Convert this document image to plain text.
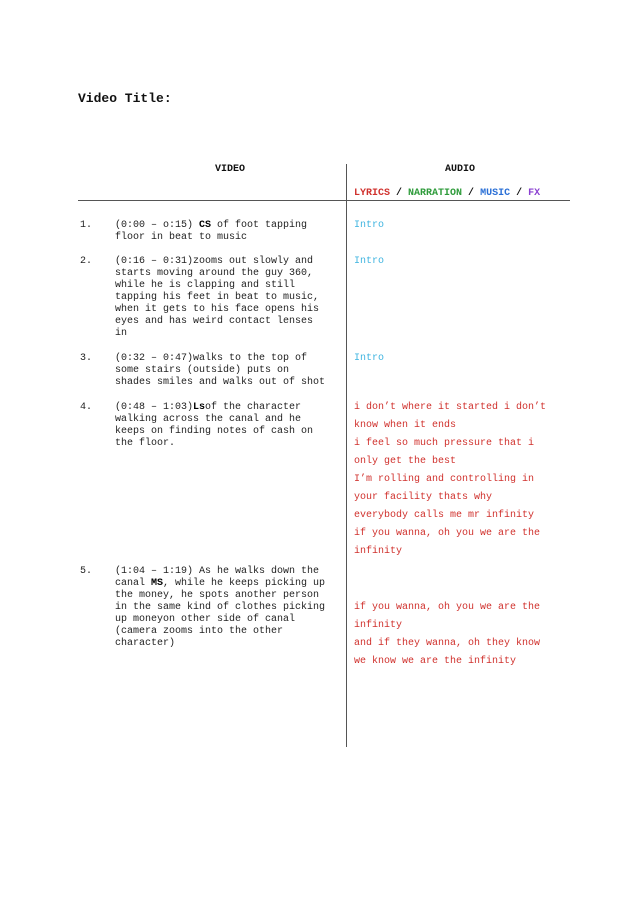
Video Title:
VIDEO	AUDIO
LYRICS / NARRATION / MUSIC / FX
1. (0:00 – o:15) CS of foot tapping
floor in beat to music
Intro
2. (0:16 – 0:31)zooms out slowly and
starts moving around the guy 360,
while he is clapping and still
tapping his feet in beat to music,
when it gets to his face opens his
eyes and has weird contact lenses
in
Intro
3. (0:32 – 0:47)walks to the top of
some stairs (outside) puts on
shades smiles and walks out of shot
Intro
4. (0:48 – 1:03)Lsof the character
walking across the canal and he
keeps on finding notes of cash on
the floor.
i don’t where it started i don’t
know when it ends
i feel so much pressure that i
only get the best
I’m rolling and controlling in
your facility thats why
everybody calls me mr infinity
if you wanna, oh you we are the
infinity
5. (1:04 – 1:19) As he walks down the
canal MS, while he keeps picking up
the money, he spots another person
in the same kind of clothes picking
up moneyon other side of canal
(camera zooms into the other
character)
if you wanna, oh you we are the
infinity
and if they wanna, oh they know
we know we are the infinity
